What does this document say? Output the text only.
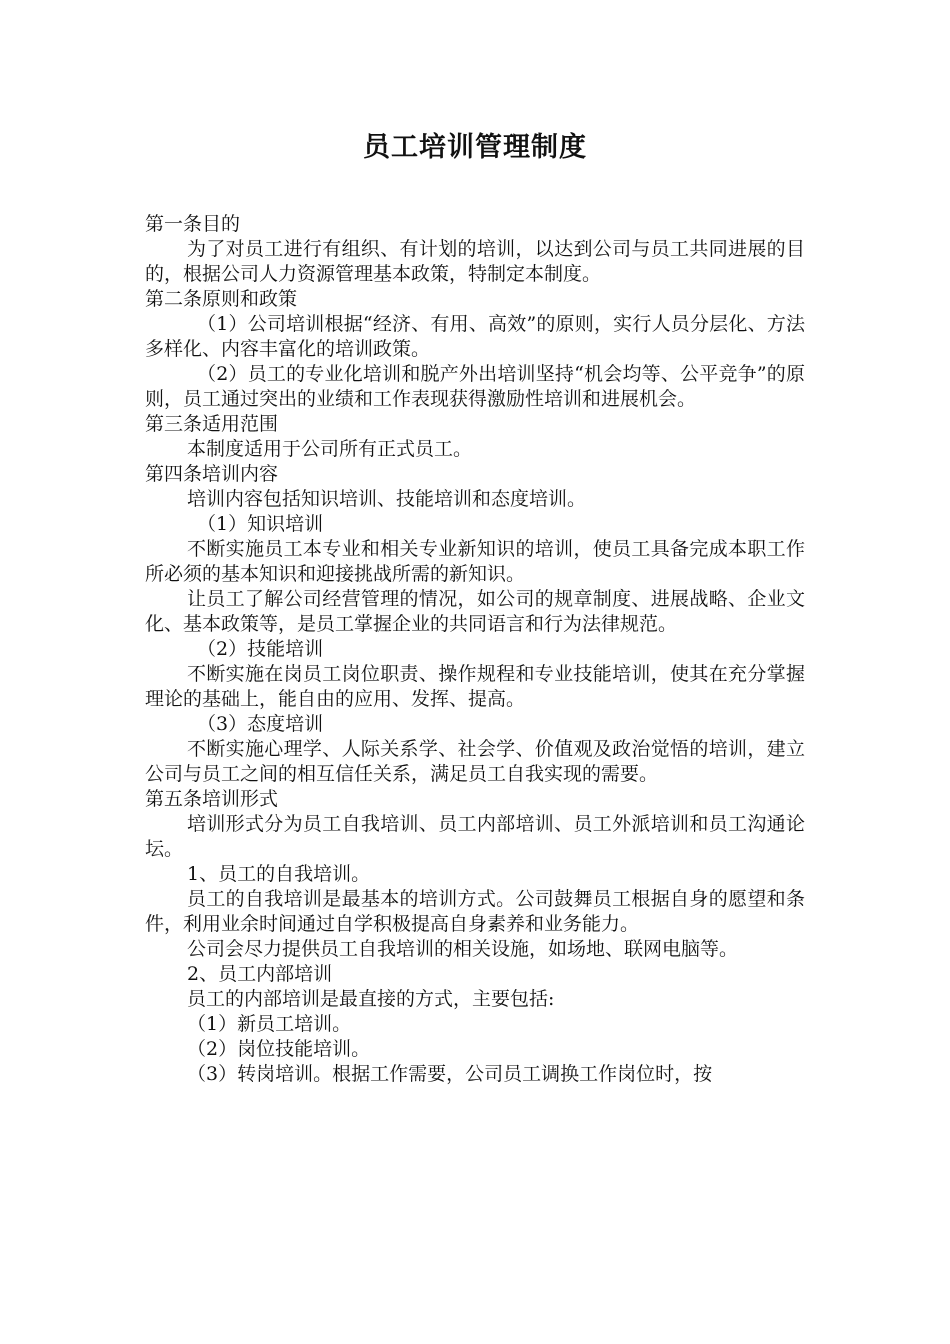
员工培训管理制度

第一条目的

为了对员工进行有组织、有计划的培训，以达到公司与员工共同进展的目的，根据公司人力资源管理基本政策，特制定本制度。

第二条原则和政策

（1）公司培训根据“经济、有用、高效”的原则，实行人员分层化、方法多样化、内容丰富化的培训政策。

（2）员工的专业化培训和脱产外出培训坚持“机会均等、公平竞争”的原则，员工通过突出的业绩和工作表现获得激励性培训和进展机会。

第三条适用范围

本制度适用于公司所有正式员工。

第四条培训内容

培训内容包括知识培训、技能培训和态度培训。

（1）知识培训

不断实施员工本专业和相关专业新知识的培训，使员工具备完成本职工作所必须的基本知识和迎接挑战所需的新知识。

让员工了解公司经营管理的情况，如公司的规章制度、进展战略、企业文化、基本政策等，是员工掌握企业的共同语言和行为法律规范。

（2）技能培训

不断实施在岗员工岗位职责、操作规程和专业技能培训，使其在充分掌握理论的基础上，能自由的应用、发挥、提高。

（3）态度培训

不断实施心理学、人际关系学、社会学、价值观及政治觉悟的培训，建立公司与员工之间的相互信任关系，满足员工自我实现的需要。

第五条培训形式

培训形式分为员工自我培训、员工内部培训、员工外派培训和员工沟通论坛。

1、员工的自我培训。

员工的自我培训是最基本的培训方式。公司鼓舞员工根据自身的愿望和条件，利用业余时间通过自学积极提高自身素养和业务能力。

公司会尽力提供员工自我培训的相关设施，如场地、联网电脑等。

2、员工内部培训

员工的内部培训是最直接的方式，主要包括:

（1）新员工培训。

（2）岗位技能培训。

（3）转岗培训。根据工作需要，公司员工调换工作岗位时，按
